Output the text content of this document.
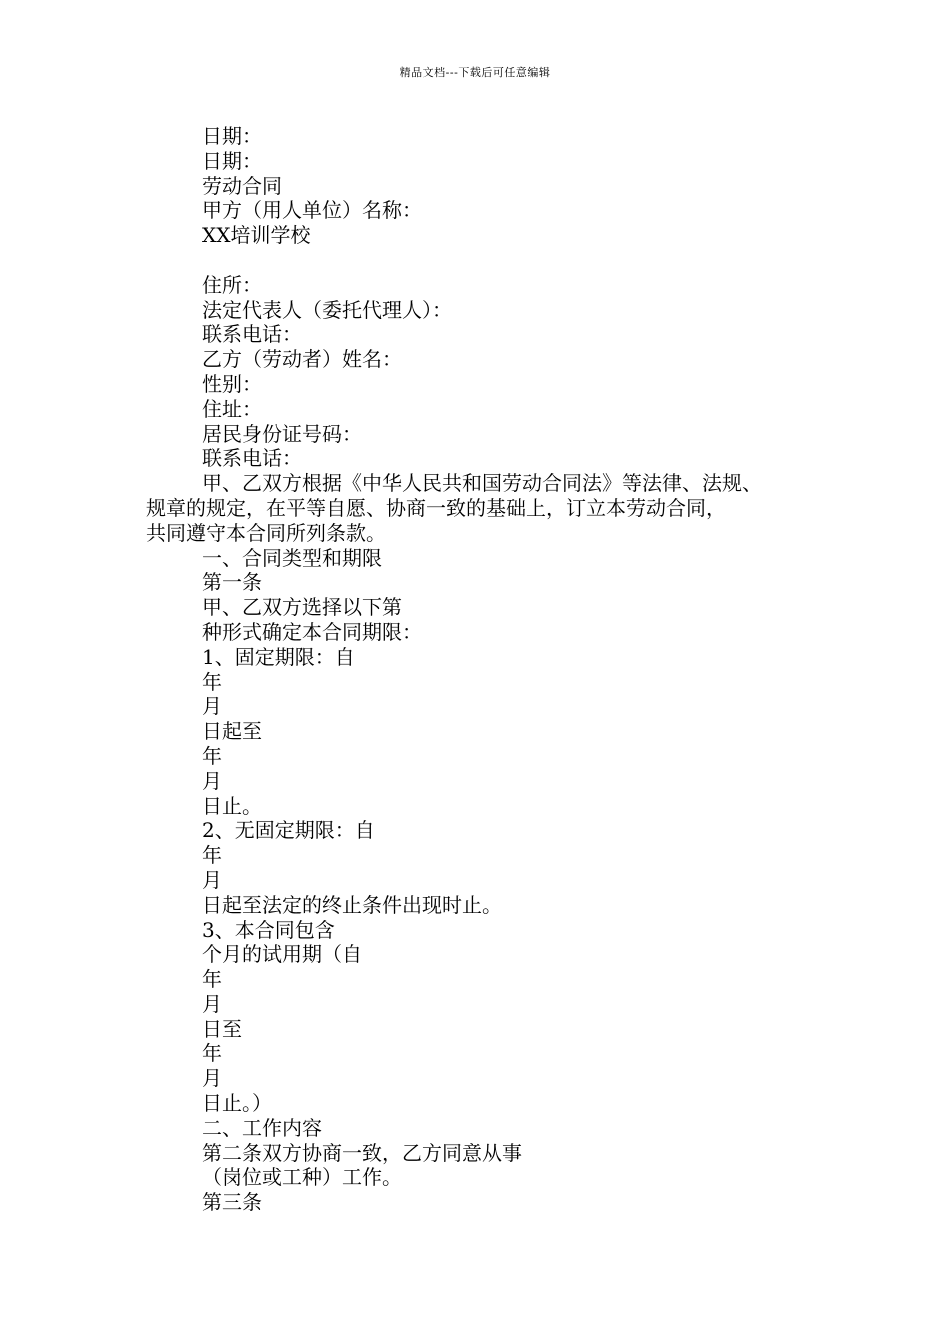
精品文档---下载后可任意编辑
日期：
日期：
劳动合同
甲方（用人单位）名称：
XX培训学校
住所：
法定代表人（委托代理人）：
联系电话：
乙方（劳动者）姓名：
性别：
住址：
居民身份证号码：
联系电话：
甲、乙双方根据《中华人民共和国劳动合同法》等法律、法规、
规章的规定，在平等自愿、协商一致的基础上，订立本劳动合同，
共同遵守本合同所列条款。
一、合同类型和期限
第一条
甲、乙双方选择以下第
种形式确定本合同期限：
1、固定期限：自
年
月
日起至
年
月
日止。
2、无固定期限：自
年
月
日起至法定的终止条件出现时止。
3、本合同包含
个月的试用期（自
年
月
日至
年
月
日止。）
二、工作内容
第二条双方协商一致，乙方同意从事
（岗位或工种）工作。
第三条
